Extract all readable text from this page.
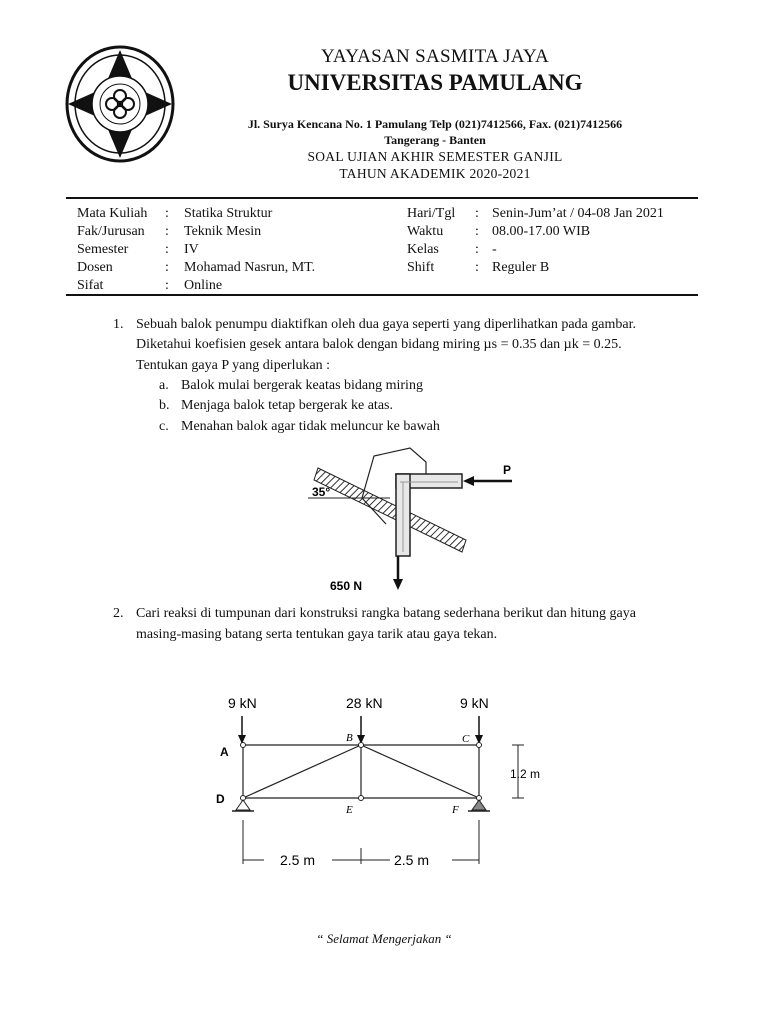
YAYASAN SASMITA JAYA
UNIVERSITAS PAMULANG
Jl. Surya Kencana No. 1 Pamulang Telp (021)7412566, Fax. (021)7412566
Tangerang - Banten
SOAL UJIAN AKHIR SEMESTER GANJIL
TAHUN AKADEMIK 2020-2021
Mata Kuliah : Statika Struktur
Fak/Jurusan : Teknik Mesin
Semester	: IV
Dosen	: Mohamad Nasrun, MT.
Sifat	: Online
Hari/Tgl : Senin-Jum’at / 04-08 Jan 2021
Waktu : 08.00-17.00 WIB
Kelas	: -
Shift	: Reguler B
1. Sebuah balok penumpu diaktifkan oleh dua gaya seperti yang diperlihatkan pada gambar.
Diketahui koefisien gesek antara balok dengan bidang miring µs = 0.35 dan µk = 0.25.
Tentukan gaya P yang diperlukan :
a. Balok mulai bergerak keatas bidang miring
b. Menjaga balok tetap bergerak ke atas.
c. Menahan balok agar tidak meluncur ke bawah
P
35°
650 N
2. Cari reaksi di tumpunan dari konstruksi rangka batang sederhana berikut dan hitung gaya
masing-masing batang serta tentukan gaya tarik atau gaya tekan.
9 kN	28 kN	9 kN
A
D
B	C
E	F
1.2 m
2.5 m	2.5 m
“ Selamat Mengerjakan “
